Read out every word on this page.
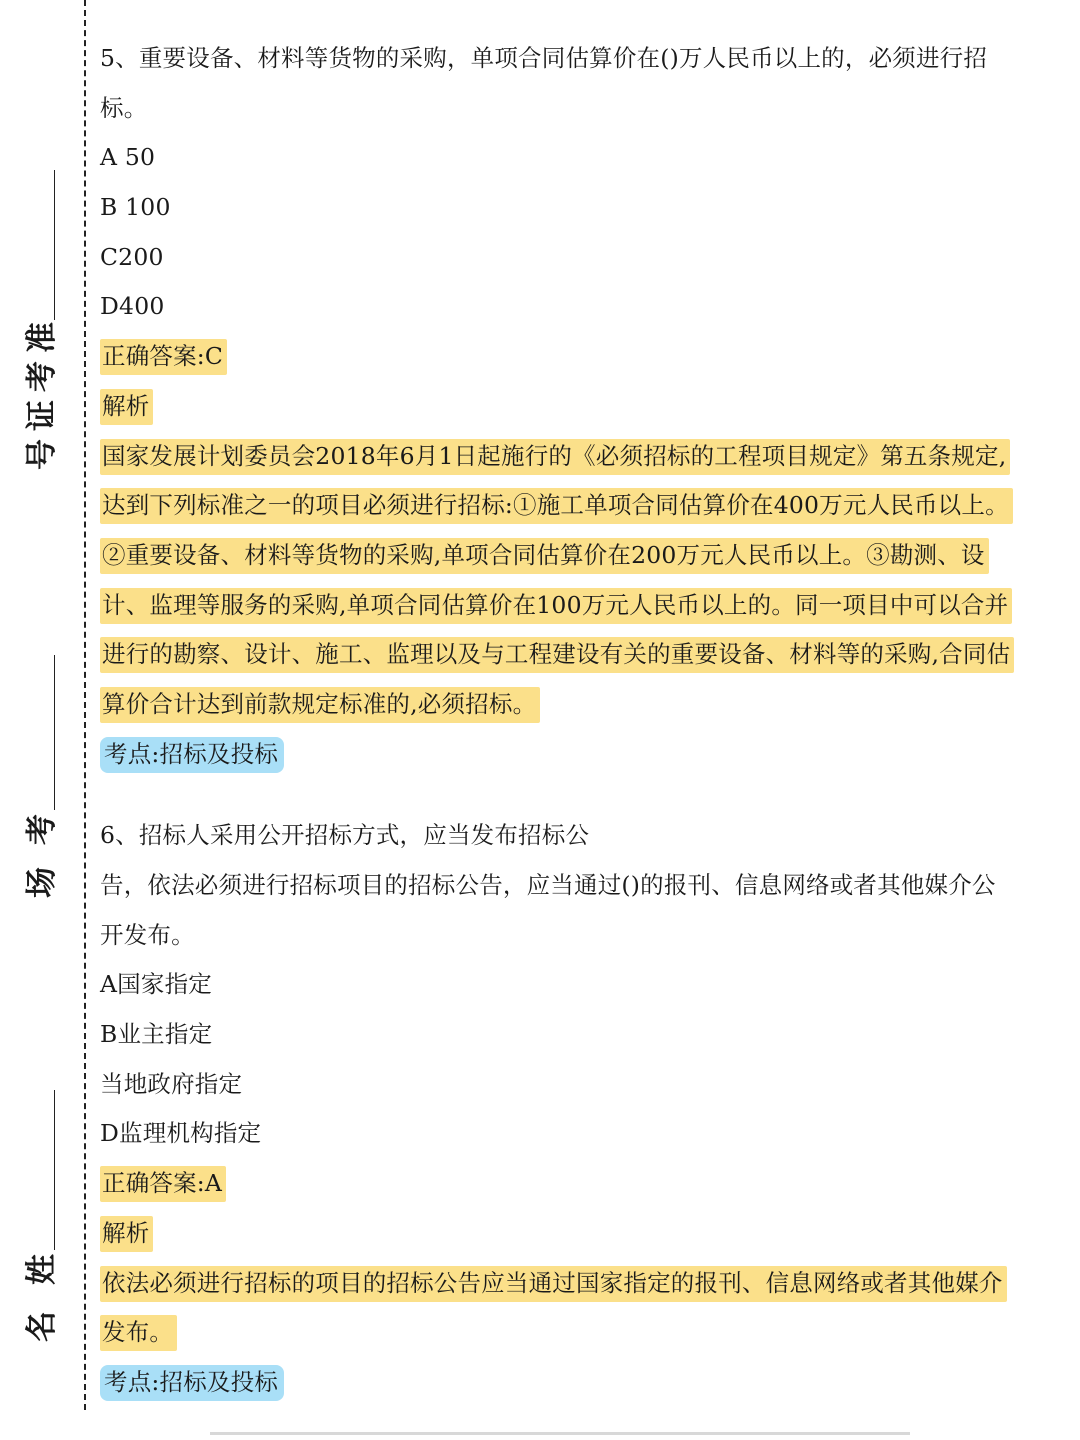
准
考
证
号
考
场
姓
名
5、重要设备、材料等货物的采购，单项合同估算价在()万人民币以上的，必须进行招
标。
A 50
B 100
C200
D400
正确答案:C
解析
国家发展计划委员会2018年6月1日起施行的《必须招标的工程项目规定》第五条规定,
达到下列标准之一的项目必须进行招标:①施工单项合同估算价在400万元人民币以上。
②重要设备、材料等货物的采购,单项合同估算价在200万元人民币以上。③勘测、设
计、监理等服务的采购,单项合同估算价在100万元人民币以上的。同一项目中可以合并
进行的勘察、设计、施工、监理以及与工程建设有关的重要设备、材料等的采购,合同估
算价合计达到前款规定标准的,必须招标。
考点:招标及投标
6、招标人采用公开招标方式，应当发布招标公
告，依法必须进行招标项目的招标公告，应当通过()的报刊、信息网络或者其他媒介公
开发布。
A国家指定
B业主指定
当地政府指定
D监理机构指定
正确答案:A
解析
依法必须进行招标的项目的招标公告应当通过国家指定的报刊、信息网络或者其他媒介
发布。
考点:招标及投标
